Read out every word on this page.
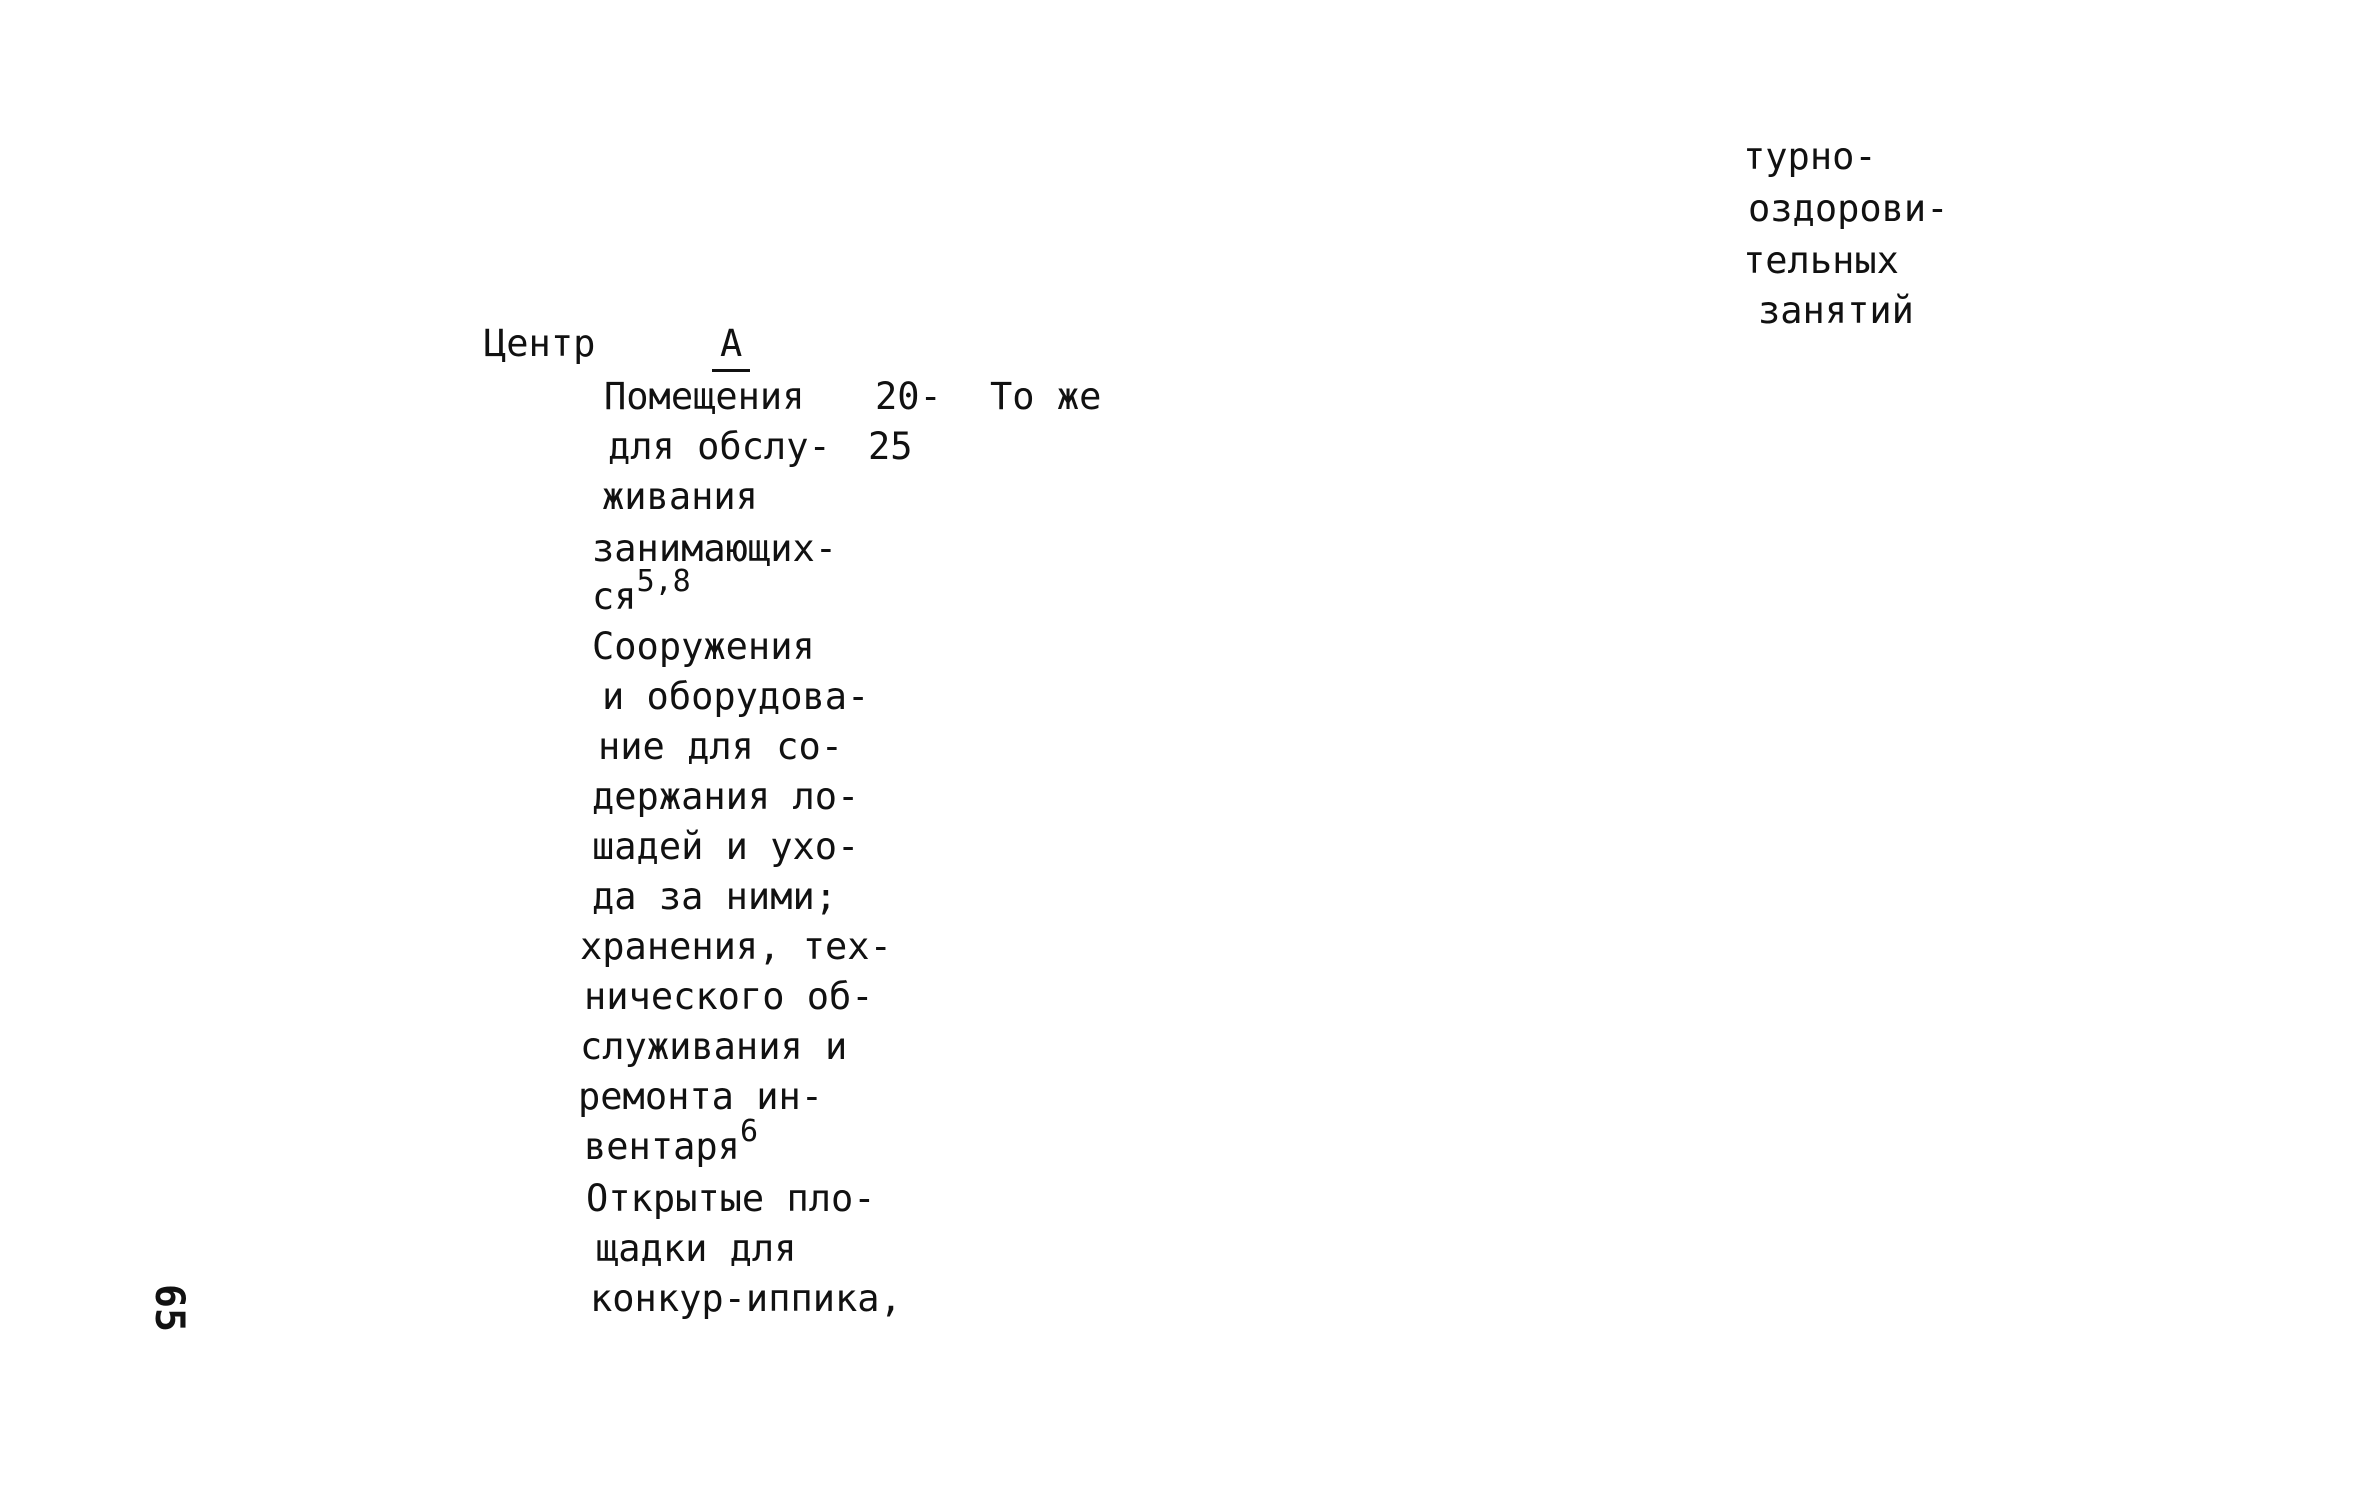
турно-
оздорови-
тельных
занятий
Центр	А
Помещения
для обслу-
живания
занимающих-
ся$^{5,8}$
20-
25
То же
Сооружения
и оборудова-
ние для со-
держания ло-
шадей и ухо-
да за ними;
хранения, тех-
нического об-
служивания и
ремонта ин-
вентаря$^6$
Открытые пло-
щадки для
конкур-иппика,
65
